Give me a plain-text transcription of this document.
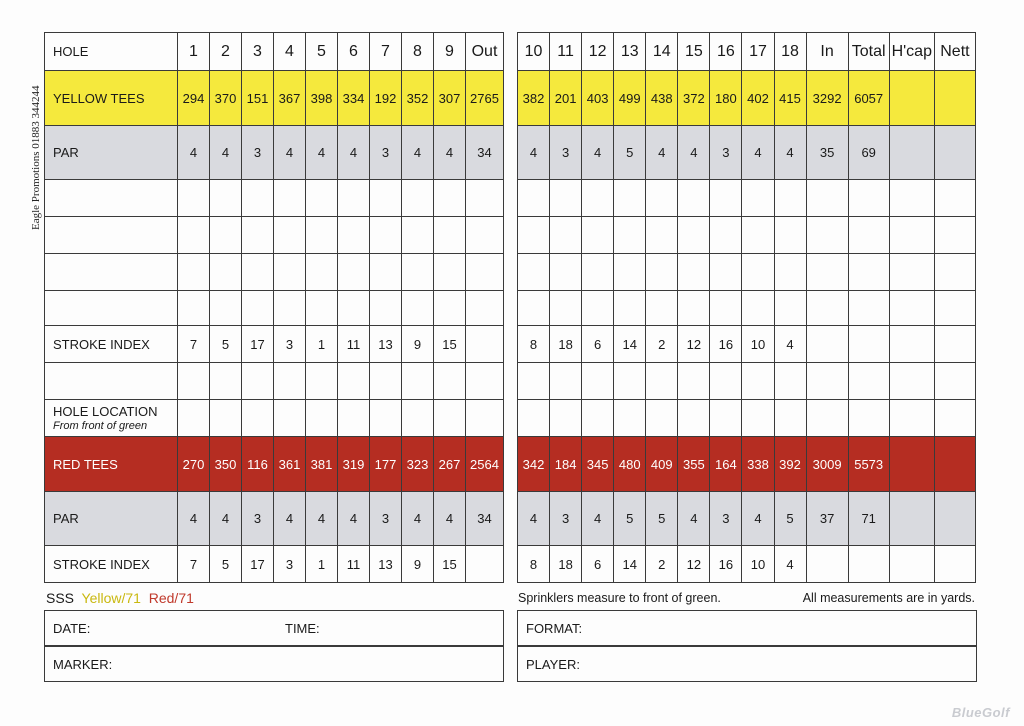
Eagle Promotions 01883 344244
HOLE	1	2	3	4	5	6	7	8	9	Out
YELLOW TEES	294	370	151	367	398	334	192	352	307	2765
PAR	4	4	3	4	4	4	3	4	4	34

STROKE INDEX	7	5	17	3	1	11	13	9	15	

HOLE LOCATION
From front of green										

RED TEES	270	350	116	361	381	319	177	323	267	2564
PAR	4	4	3	4	4	4	3	4	4	34
STROKE INDEX	7	5	17	3	1	11	13	9	15	
10	11	12	13	14	15	16	17	18	In	Total	H'cap	Nett
382	201	403	499	438	372	180	402	415	3292	6057		
4	3	4	5	4	4	3	4	4	35	69		

8	18	6	14	2	12	16	10	4				

342	184	345	480	409	355	164	338	392	3009	5573		
4	3	4	5	5	4	3	4	5	37	71		
8	18	6	14	2	12	16	10	4				
SSS Yellow/71 Red/71	Sprinklers measure to front of green.	All measurements are in yards.
DATE:	TIME:
MARKER:
FORMAT:
PLAYER:
BlueGolf
